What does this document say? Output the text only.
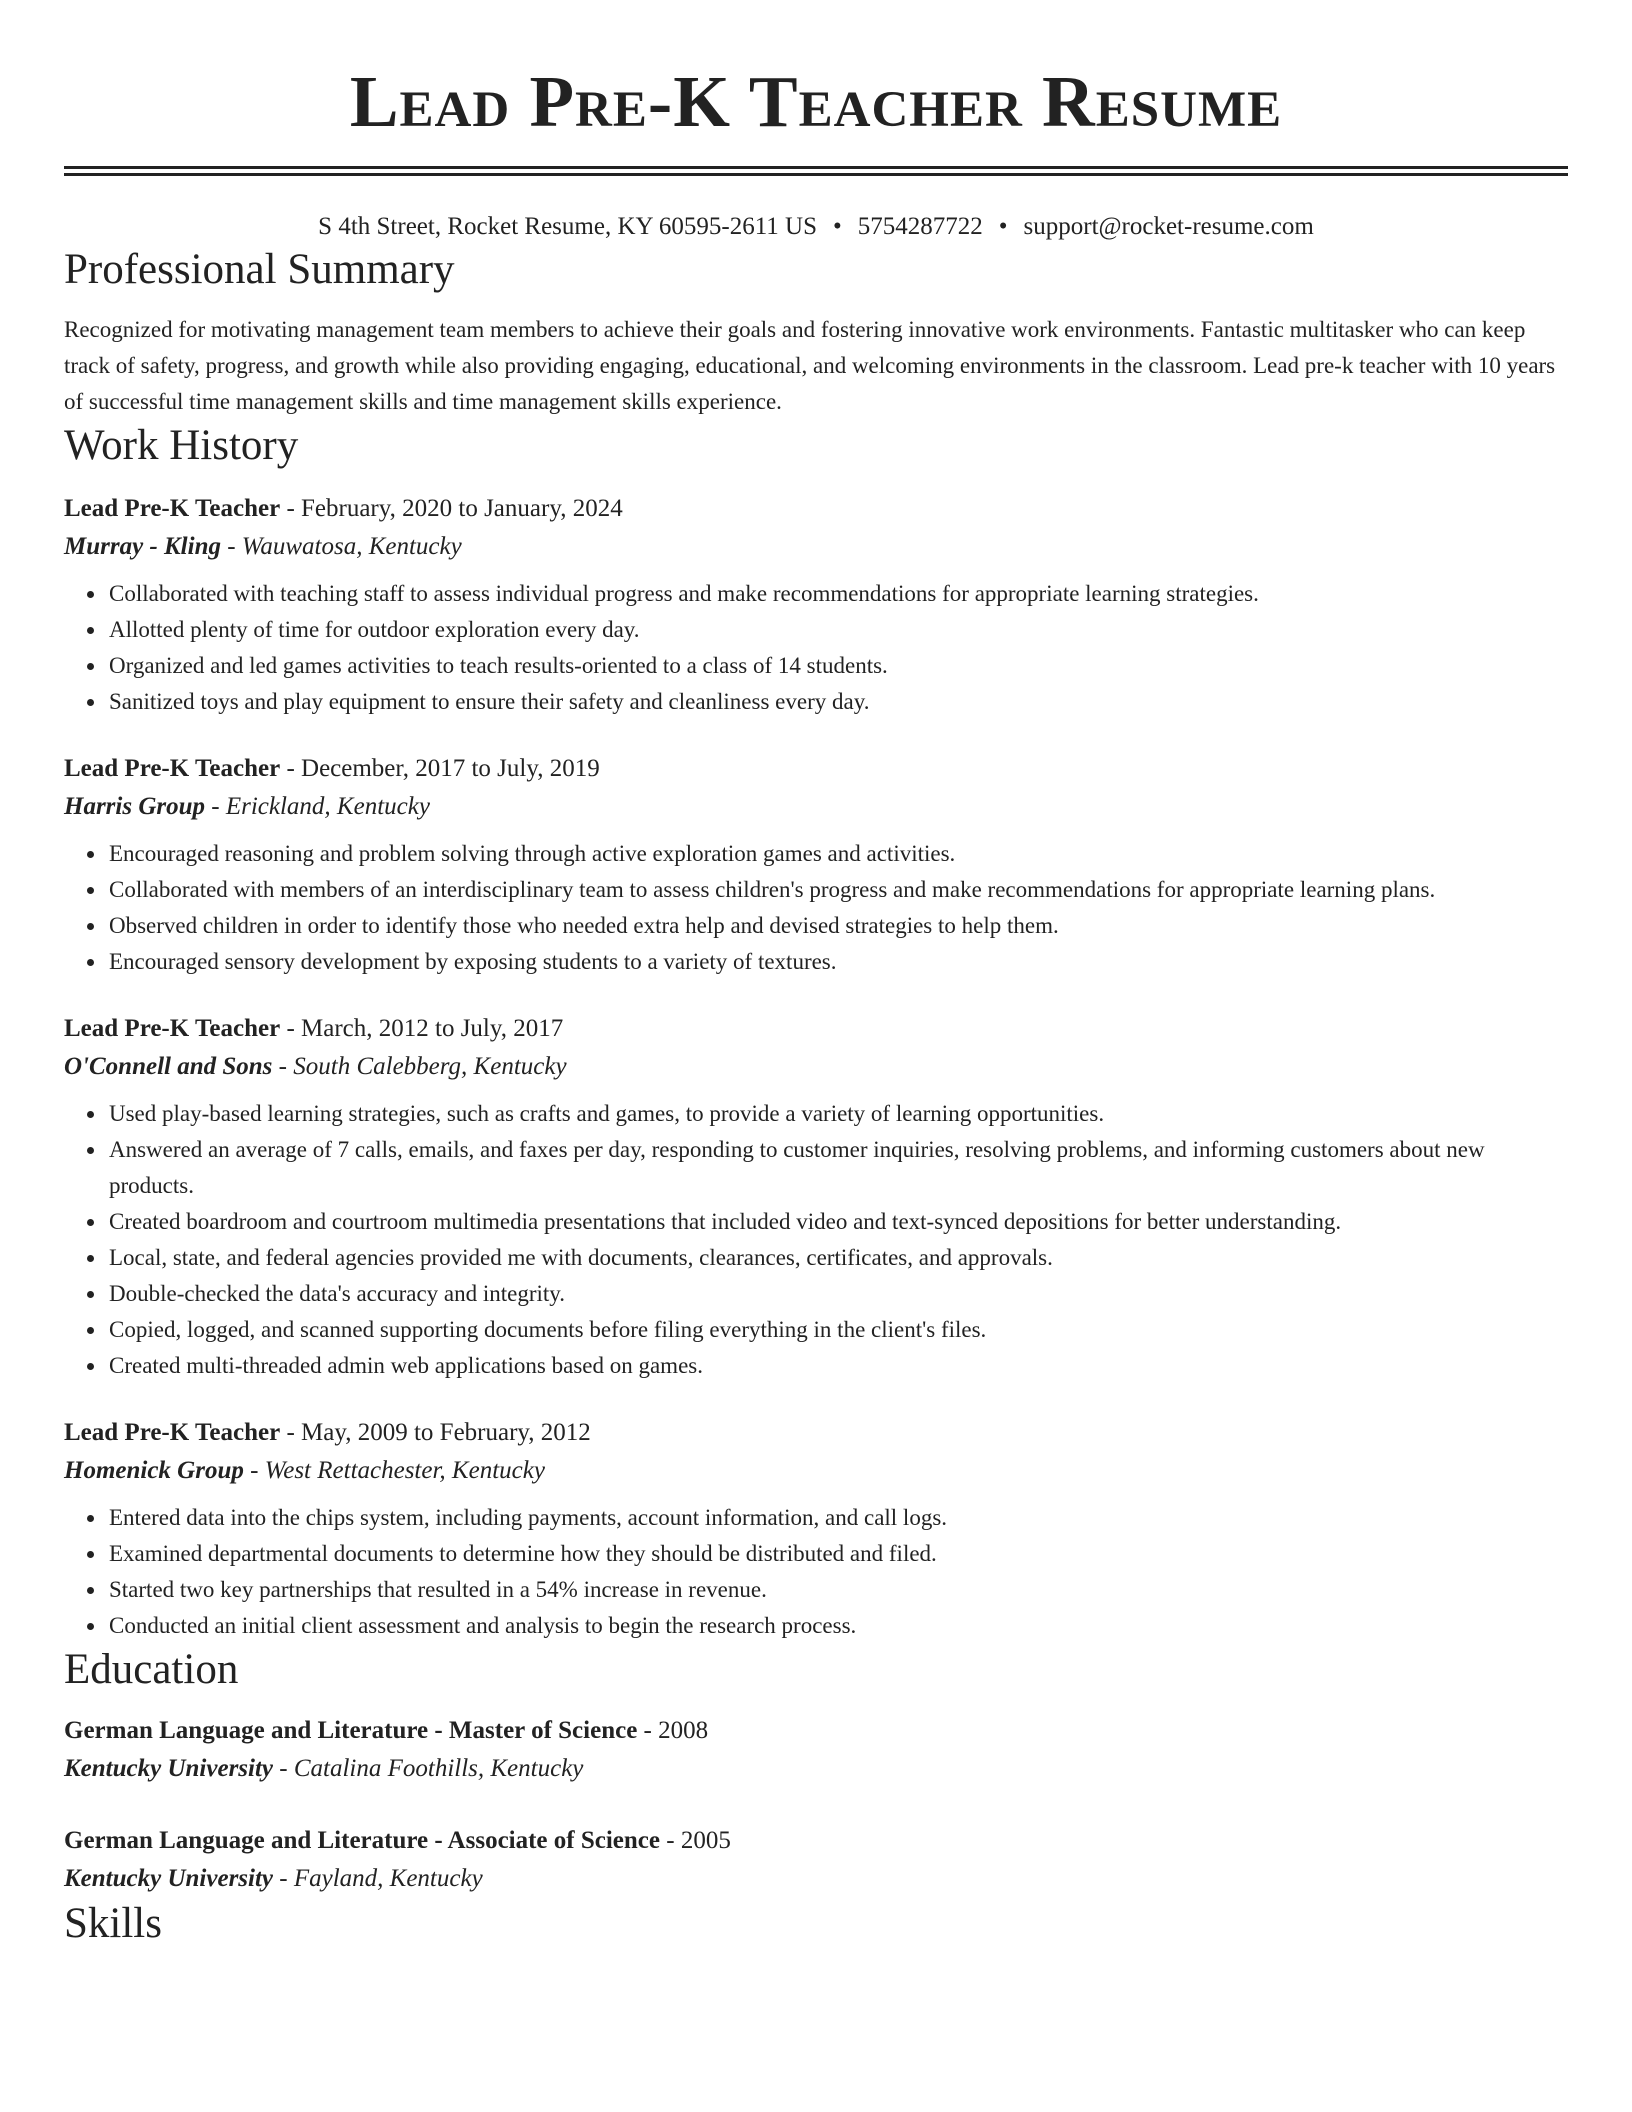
Lead Pre-K Teacher Resume
S 4th Street, Rocket Resume, KY 60595-2611 US • 5754287722 • support@rocket-resume.com
Professional Summary

Recognized for motivating management team members to achieve their goals and fostering innovative work environments. Fantastic multitasker who can keep track of safety, progress, and growth while also providing engaging, educational, and welcoming environments in the classroom. Lead pre-k teacher with 10 years of successful time management skills and time management skills experience.

Work History
Lead Pre-K Teacher - February, 2020 to January, 2024
Murray - Kling - Wauwatosa, Kentucky
• Collaborated with teaching staff to assess individual progress and make recommendations for appropriate learning strategies.
• Allotted plenty of time for outdoor exploration every day.
• Organized and led games activities to teach results-oriented to a class of 14 students.
• Sanitized toys and play equipment to ensure their safety and cleanliness every day.
Lead Pre-K Teacher - December, 2017 to July, 2019
Harris Group - Erickland, Kentucky
• Encouraged reasoning and problem solving through active exploration games and activities.
• Collaborated with members of an interdisciplinary team to assess children's progress and make recommendations for appropriate learning plans.
• Observed children in order to identify those who needed extra help and devised strategies to help them.
• Encouraged sensory development by exposing students to a variety of textures.
Lead Pre-K Teacher - March, 2012 to July, 2017
O'Connell and Sons - South Calebberg, Kentucky
• Used play-based learning strategies, such as crafts and games, to provide a variety of learning opportunities.
• Answered an average of 7 calls, emails, and faxes per day, responding to customer inquiries, resolving problems, and informing customers about new products.
• Created boardroom and courtroom multimedia presentations that included video and text-synced depositions for better understanding.
• Local, state, and federal agencies provided me with documents, clearances, certificates, and approvals.
• Double-checked the data's accuracy and integrity.
• Copied, logged, and scanned supporting documents before filing everything in the client's files.
• Created multi-threaded admin web applications based on games.
Lead Pre-K Teacher - May, 2009 to February, 2012
Homenick Group - West Rettachester, Kentucky
• Entered data into the chips system, including payments, account information, and call logs.
• Examined departmental documents to determine how they should be distributed and filed.
• Started two key partnerships that resulted in a 54% increase in revenue.
• Conducted an initial client assessment and analysis to begin the research process.
Education
German Language and Literature - Master of Science - 2008
Kentucky University - Catalina Foothills, Kentucky
German Language and Literature - Associate of Science - 2005
Kentucky University - Fayland, Kentucky
Skills
